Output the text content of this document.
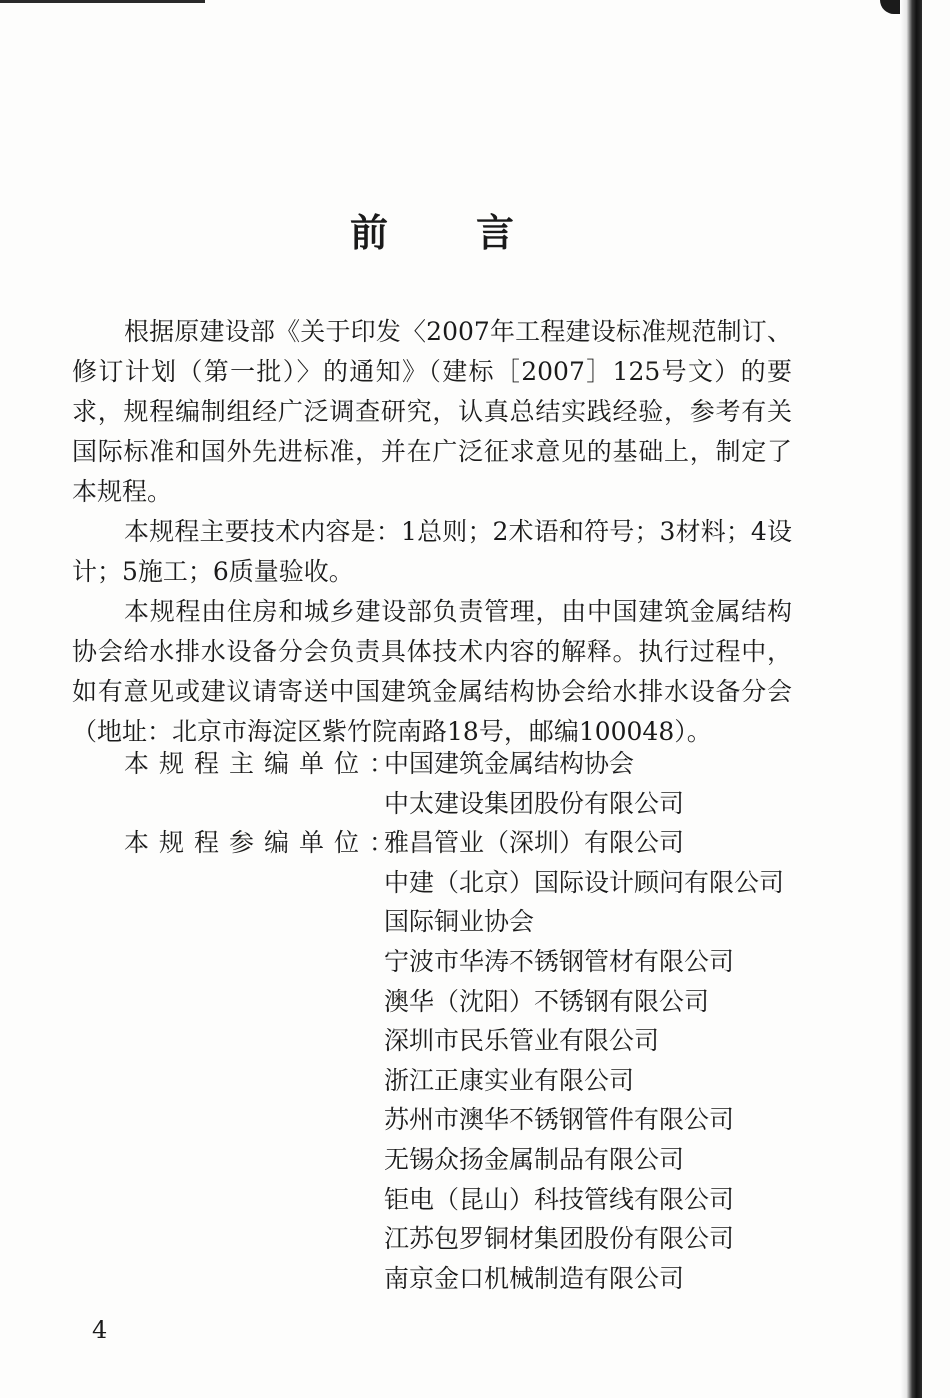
前言

根据原建设部《关于印发〈2007年工程建设标准规范制订、修订计划（第一批）〉的通知》（建标［2007］125号文）的要求，规程编制组经广泛调查研究，认真总结实践经验，参考有关国际标准和国外先进标准，并在广泛征求意见的基础上，制定了本规程。

本规程主要技术内容是：1总则；2术语和符号；3材料；4设计；5施工；6质量验收。

本规程由住房和城乡建设部负责管理，由中国建筑金属结构协会给水排水设备分会负责具体技术内容的解释。执行过程中，如有意见或建议请寄送中国建筑金属结构协会给水排水设备分会（地址：北京市海淀区紫竹院南路18号，邮编100048）。

本规程主编单位：
中国建筑金属结构协会
中太建设集团股份有限公司
本规程参编单位：
雅昌管业（深圳）有限公司
中建（北京）国际设计顾问有限公司
国际铜业协会
宁波市华涛不锈钢管材有限公司
澳华（沈阳）不锈钢有限公司
深圳市民乐管业有限公司
浙江正康实业有限公司
苏州市澳华不锈钢管件有限公司
无锡众扬金属制品有限公司
钜电（昆山）科技管线有限公司
江苏包罗铜材集团股份有限公司
南京金口机械制造有限公司
4
